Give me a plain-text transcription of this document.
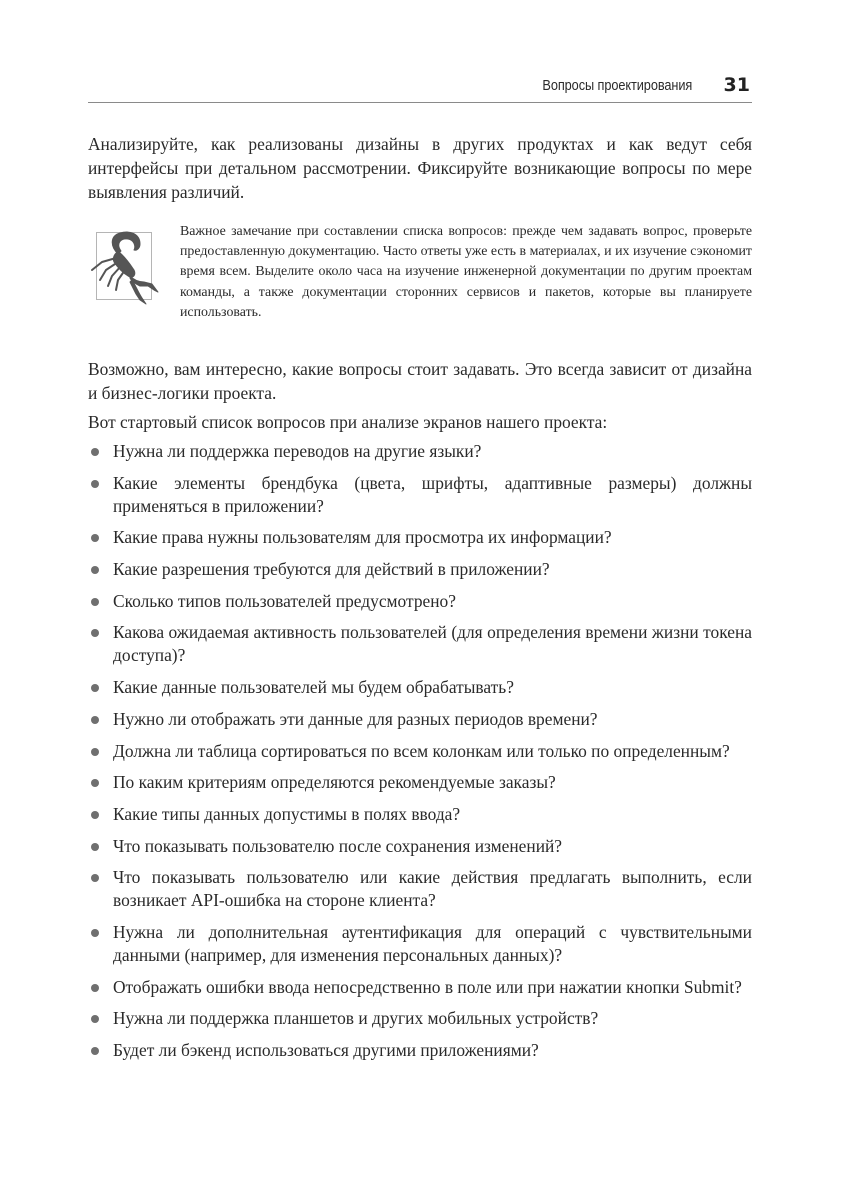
Вопросы проектирования 31

Анализируйте, как реализованы дизайны в других продуктах и как ведут себя интерфейсы при детальном рассмотрении. Фиксируйте возникающие вопросы по мере выявления различий.

Важное замечание при составлении списка вопросов: прежде чем задавать вопрос, проверьте предоставленную документацию. Часто ответы уже есть в материалах, и их изучение сэкономит время всем. Выделите около часа на изучение инженерной документации по другим проектам команды, а также документации сторонних сервисов и пакетов, которые вы планируете использовать.

Возможно, вам интересно, какие вопросы стоит задавать. Это всегда зависит от дизайна и бизнес-логики проекта.

Вот стартовый список вопросов при анализе экранов нашего проекта:

Нужна ли поддержка переводов на другие языки?
Какие элементы брендбука (цвета, шрифты, адаптивные размеры) должны применяться в приложении?
Какие права нужны пользователям для просмотра их информации?
Какие разрешения требуются для действий в приложении?
Сколько типов пользователей предусмотрено?
Какова ожидаемая активность пользователей (для определения времени жизни токена доступа)?
Какие данные пользователей мы будем обрабатывать?
Нужно ли отображать эти данные для разных периодов времени?
Должна ли таблица сортироваться по всем колонкам или только по определенным?
По каким критериям определяются рекомендуемые заказы?
Какие типы данных допустимы в полях ввода?
Что показывать пользователю после сохранения изменений?
Что показывать пользователю или какие действия предлагать выполнить, если возникает API-ошибка на стороне клиента?
Нужна ли дополнительная аутентификация для операций с чувствительными данными (например, для изменения персональных данных)?
Отображать ошибки ввода непосредственно в поле или при нажатии кнопки Submit?
Нужна ли поддержка планшетов и других мобильных устройств?
Будет ли бэкенд использоваться другими приложениями?
